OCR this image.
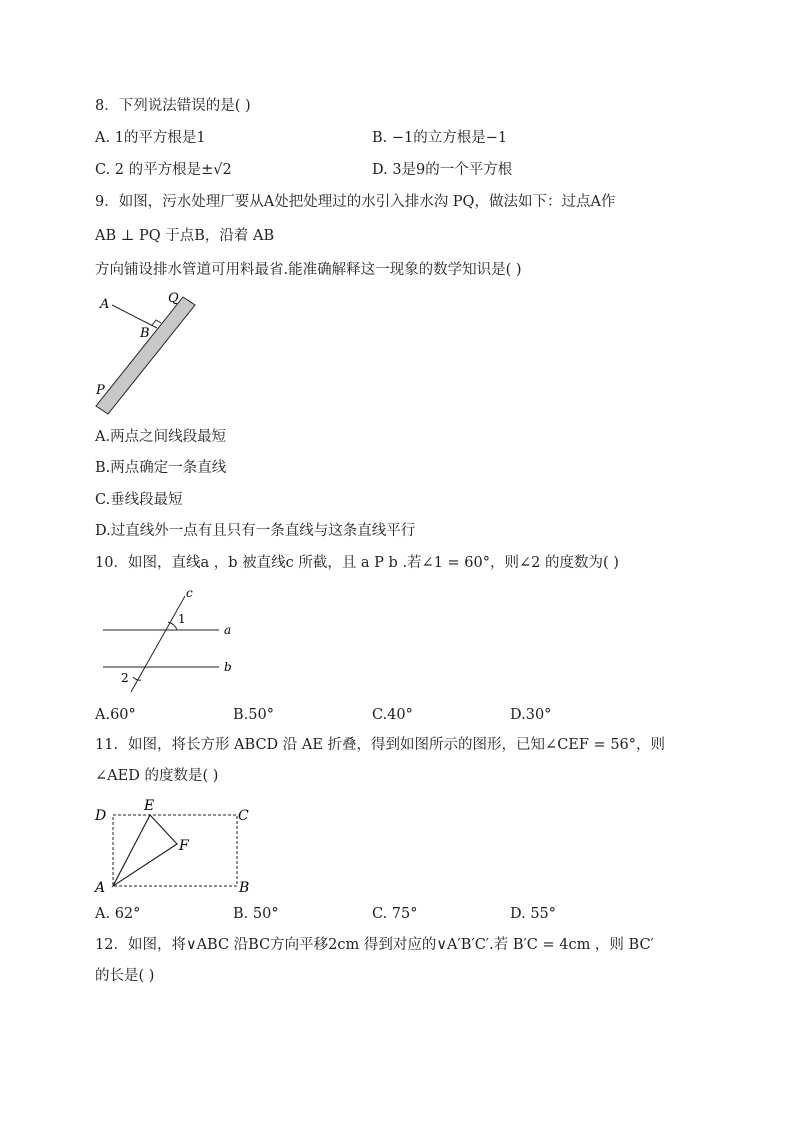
8．下列说法错误的是( )
A. 1的平方根是1	B. −1的立方根是−1
C. 2 的平方根是±√2	D. 3是9的一个平方根
9．如图，污水处理厂要从A处把处理过的水引入排水沟 PQ，做法如下：过点A作
AB ⊥ PQ 于点B，沿着 AB
方向铺设排水管道可用料最省.能准确解释这一现象的数学知识是( )
A
B
Q
P
A.两点之间线段最短
B.两点确定一条直线
C.垂线段最短
D.过直线外一点有且只有一条直线与这条直线平行
10．如图，直线a ，b 被直线c 所截，且 a P b .若∠1 = 60°，则∠2 的度数为( )
c
1
a
b
2
A.60°	B.50°	C.40°	D.30°
11．如图，将长方形 ABCD 沿 AE 折叠，得到如图所示的图形，已知∠CEF = 56°，则
∠AED 的度数是( )
D
E
C
F
A	B
A. 62°	B. 50°	C. 75°	D. 55°
12．如图，将∨ABC 沿BC方向平移2cm 得到对应的∨A′B′C′.若 B′C = 4cm ，则 BC′
的长是( )
